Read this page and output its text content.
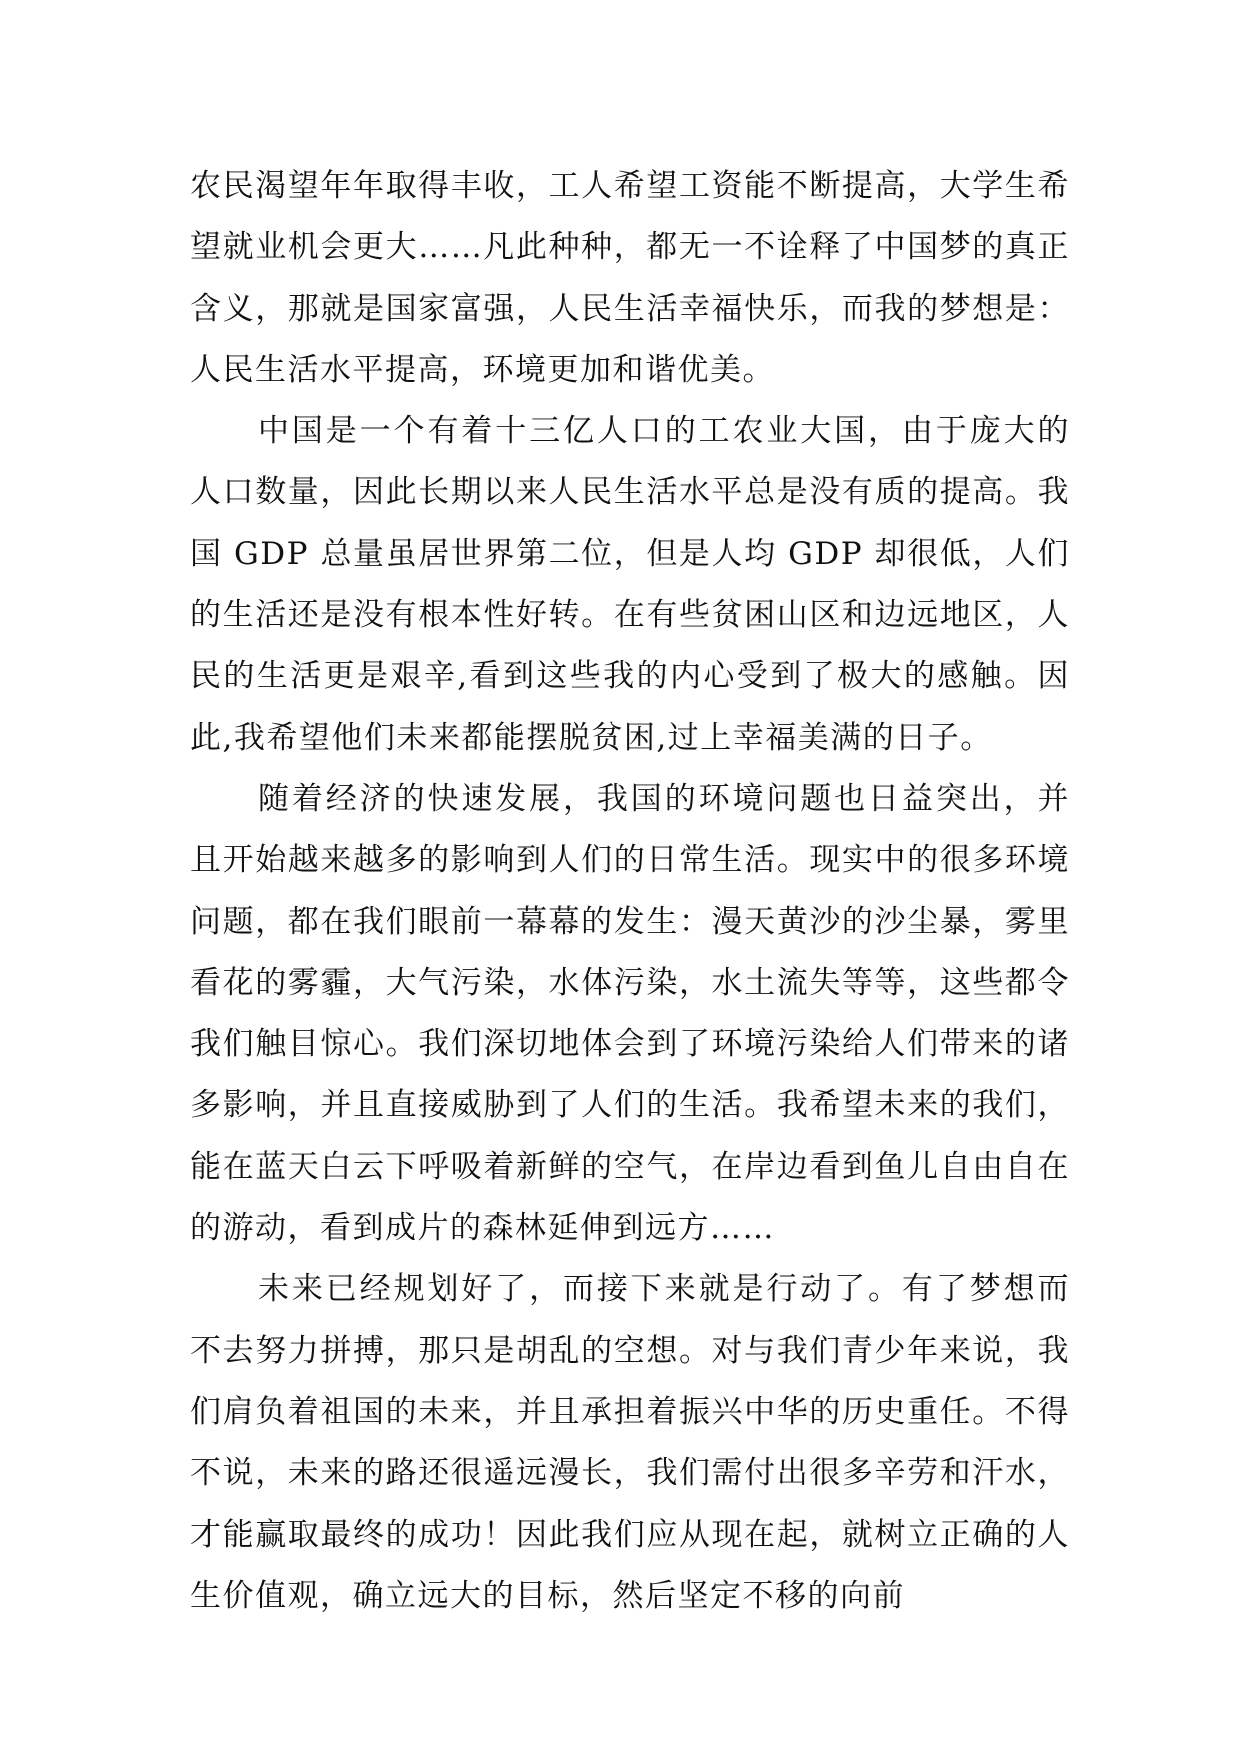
农民渴望年年取得丰收，工人希望工资能不断提高，大学生希望就业机会更大……凡此种种，都无一不诠释了中国梦的真正含义，那就是国家富强，人民生活幸福快乐，而我的梦想是：人民生活水平提高，环境更加和谐优美。

中国是一个有着十三亿人口的工农业大国，由于庞大的人口数量，因此长期以来人民生活水平总是没有质的提高。我国 GDP 总量虽居世界第二位，但是人均 GDP 却很低，人们的生活还是没有根本性好转。在有些贫困山区和边远地区，人民的生活更是艰辛,看到这些我的内心受到了极大的感触。因此,我希望他们未来都能摆脱贫困,过上幸福美满的日子。

随着经济的快速发展，我国的环境问题也日益突出，并且开始越来越多的影响到人们的日常生活。现实中的很多环境问题，都在我们眼前一幕幕的发生：漫天黄沙的沙尘暴，雾里看花的雾霾，大气污染，水体污染，水土流失等等，这些都令我们触目惊心。我们深切地体会到了环境污染给人们带来的诸多影响，并且直接威胁到了人们的生活。我希望未来的我们，能在蓝天白云下呼吸着新鲜的空气，在岸边看到鱼儿自由自在的游动，看到成片的森林延伸到远方……

未来已经规划好了，而接下来就是行动了。有了梦想而不去努力拼搏，那只是胡乱的空想。对与我们青少年来说，我们肩负着祖国的未来，并且承担着振兴中华的历史重任。不得不说，未来的路还很遥远漫长，我们需付出很多辛劳和汗水，才能赢取最终的成功！因此我们应从现在起，就树立正确的人生价值观，确立远大的目标，然后坚定不移的向前
